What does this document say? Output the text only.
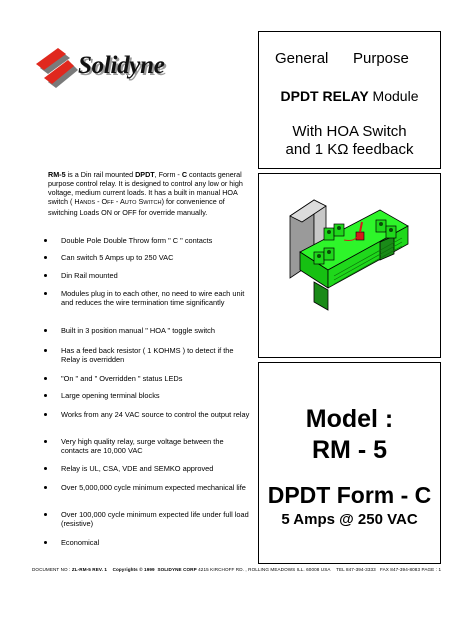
Solidyne	General Purpose
DPDT RELAY Module
With HOA Switch
and 1 KΩ feedback
RM-5 is a Din rail mounted DPDT, Form - C contacts general purpose control relay. It is designed to control any low or high voltage, medium current loads. It has a built in manual HOA switch ( HANDS - OFF - AUTO SWITCH) for convenience of switching Loads ON or OFF for override manually.
Double Pole Double Throw form " C " contacts
Can switch 5 Amps up to 250 VAC
Din Rail mounted
Modules plug in to each other, no need to wire each unit and reduces the wire termination time significantly
Built in 3 position manual " HOA " toggle switch
Has a feed back resistor ( 1 KOHMS ) to detect if the Relay is overridden
"On " and " Overridden " status LEDs
Large opening terminal blocks
Works from any 24 VAC source to control the output relay
Very high quality relay, surge voltage between the contacts are 10,000 VAC
Relay is UL, CSA, VDE and SEMKO approved
Over 5,000,000 cycle minimum expected mechanical life
Over 100,000 cycle minimum expected life under full load (resistive)
Economical
Model :
RM - 5
DPDT Form - C
5 Amps @ 250 VAC
DOCUMENT NO : ZL-RM-5 REV. 1 Copyrights © 1999 SOLIDYNE CORP 4215 KIRCHOFF RD. , ROLLING MEADOWS ILL. 60008 USA TEL 847-394-3333 FAX 847-394-8083 PAGE : 1
